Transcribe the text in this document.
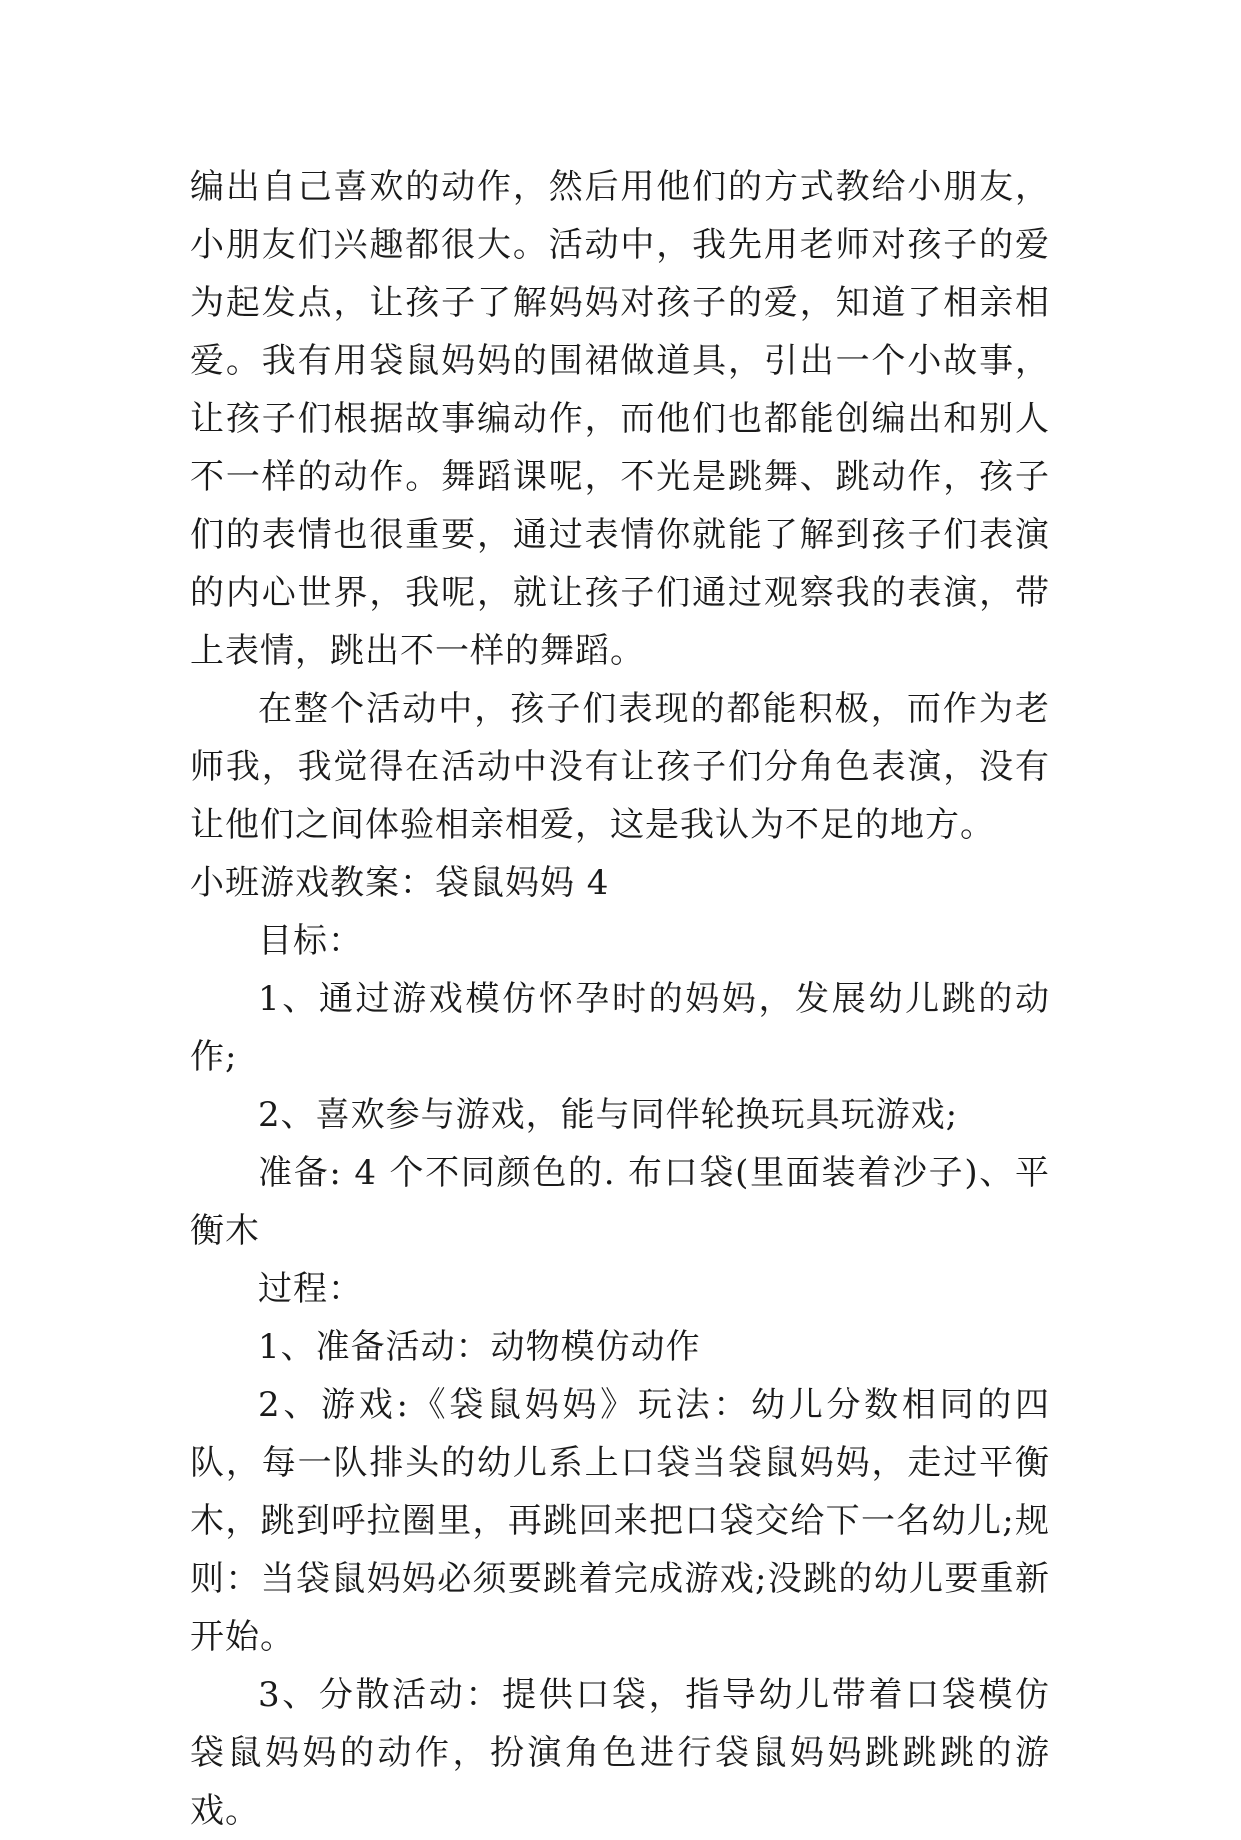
编出自己喜欢的动作，然后用他们的方式教给小朋友，小朋友们兴趣都很大。活动中，我先用老师对孩子的爱为起发点，让孩子了解妈妈对孩子的爱，知道了相亲相爱。我有用袋鼠妈妈的围裙做道具，引出一个小故事，让孩子们根据故事编动作，而他们也都能创编出和别人不一样的动作。舞蹈课呢，不光是跳舞、跳动作，孩子们的表情也很重要，通过表情你就能了解到孩子们表演的内心世界，我呢，就让孩子们通过观察我的表演，带上表情，跳出不一样的舞蹈。

在整个活动中，孩子们表现的都能积极，而作为老师我，我觉得在活动中没有让孩子们分角色表演，没有让他们之间体验相亲相爱，这是我认为不足的地方。

小班游戏教案：袋鼠妈妈 4

目标：

1、通过游戏模仿怀孕时的妈妈，发展幼儿跳的动作;

2、喜欢参与游戏，能与同伴轮换玩具玩游戏;

准备: 4 个不同颜色的. 布口袋(里面装着沙子)、平衡木

过程：

1、准备活动：动物模仿动作

2、游戏:《袋鼠妈妈》玩法：幼儿分数相同的四队，每一队排头的幼儿系上口袋当袋鼠妈妈，走过平衡木，跳到呼拉圈里，再跳回来把口袋交给下一名幼儿;规则：当袋鼠妈妈必须要跳着完成游戏;没跳的幼儿要重新开始。

3、分散活动：提供口袋，指导幼儿带着口袋模仿袋鼠妈妈的动作，扮演角色进行袋鼠妈妈跳跳跳的游戏。
